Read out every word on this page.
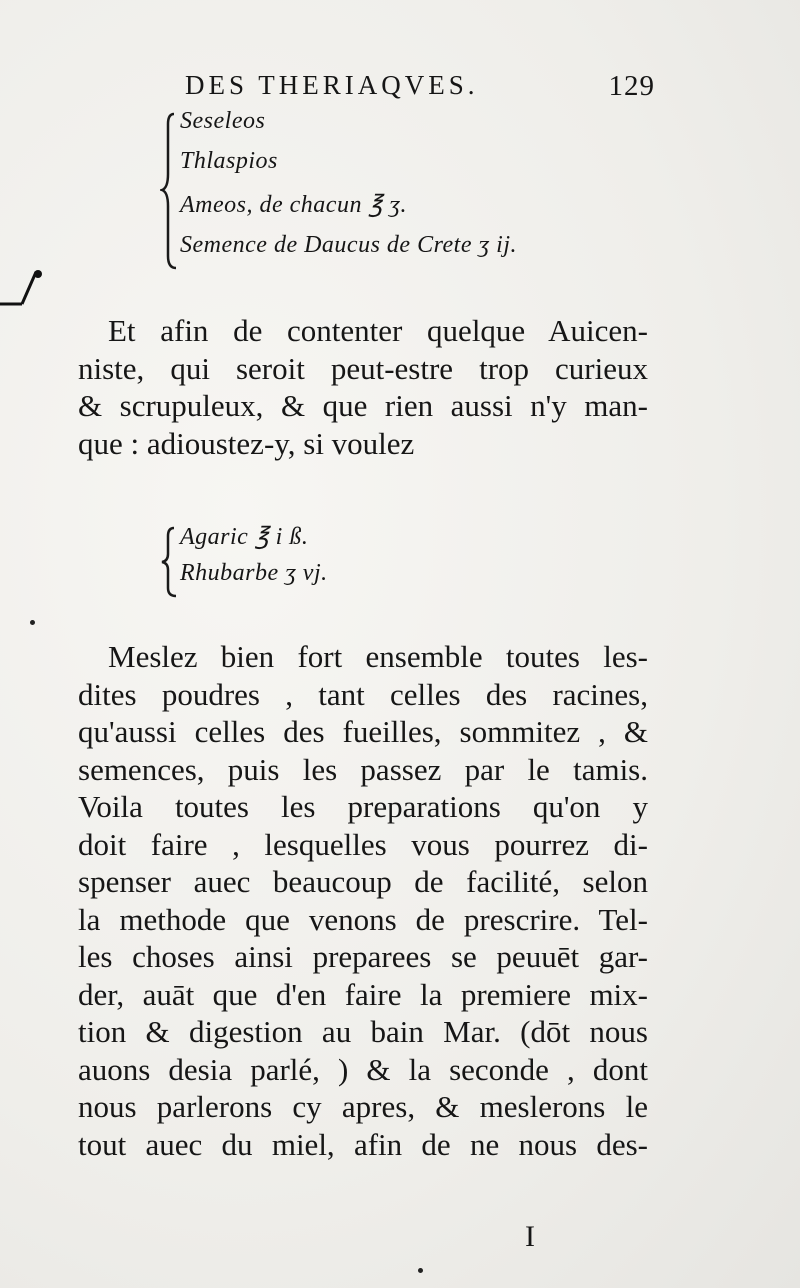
DES THERIAQVES.	129
Seseleos
Thlaspios
Ameos, de chacun ℥ ʒ.
Semence de Daucus de Crete ʒ ij.
Et afin de contenter quelque Auicen-
niste, qui seroit peut-estre trop curieux
& scrupuleux, & que rien aussi n'y man-
que : adioustez-y, si voulez
Agaric ℥ i ß.
Rhubarbe ʒ vj.
Meslez bien fort ensemble toutes les-
dites poudres , tant celles des racines,
qu'aussi celles des fueilles, sommitez , &
semences, puis les passez par le tamis.
Voila toutes les preparations qu'on y
doit faire , lesquelles vous pourrez di-
spenser auec beaucoup de facilité, selon
la methode que venons de prescrire. Tel-
les choses ainsi preparees se peuuēt gar-
der, auāt que d'en faire la premiere mix-
tion & digestion au bain Mar. (dōt nous
auons desia parlé, ) & la seconde , dont
nous parlerons cy apres, & meslerons le
tout auec du miel, afin de ne nous des-
I
